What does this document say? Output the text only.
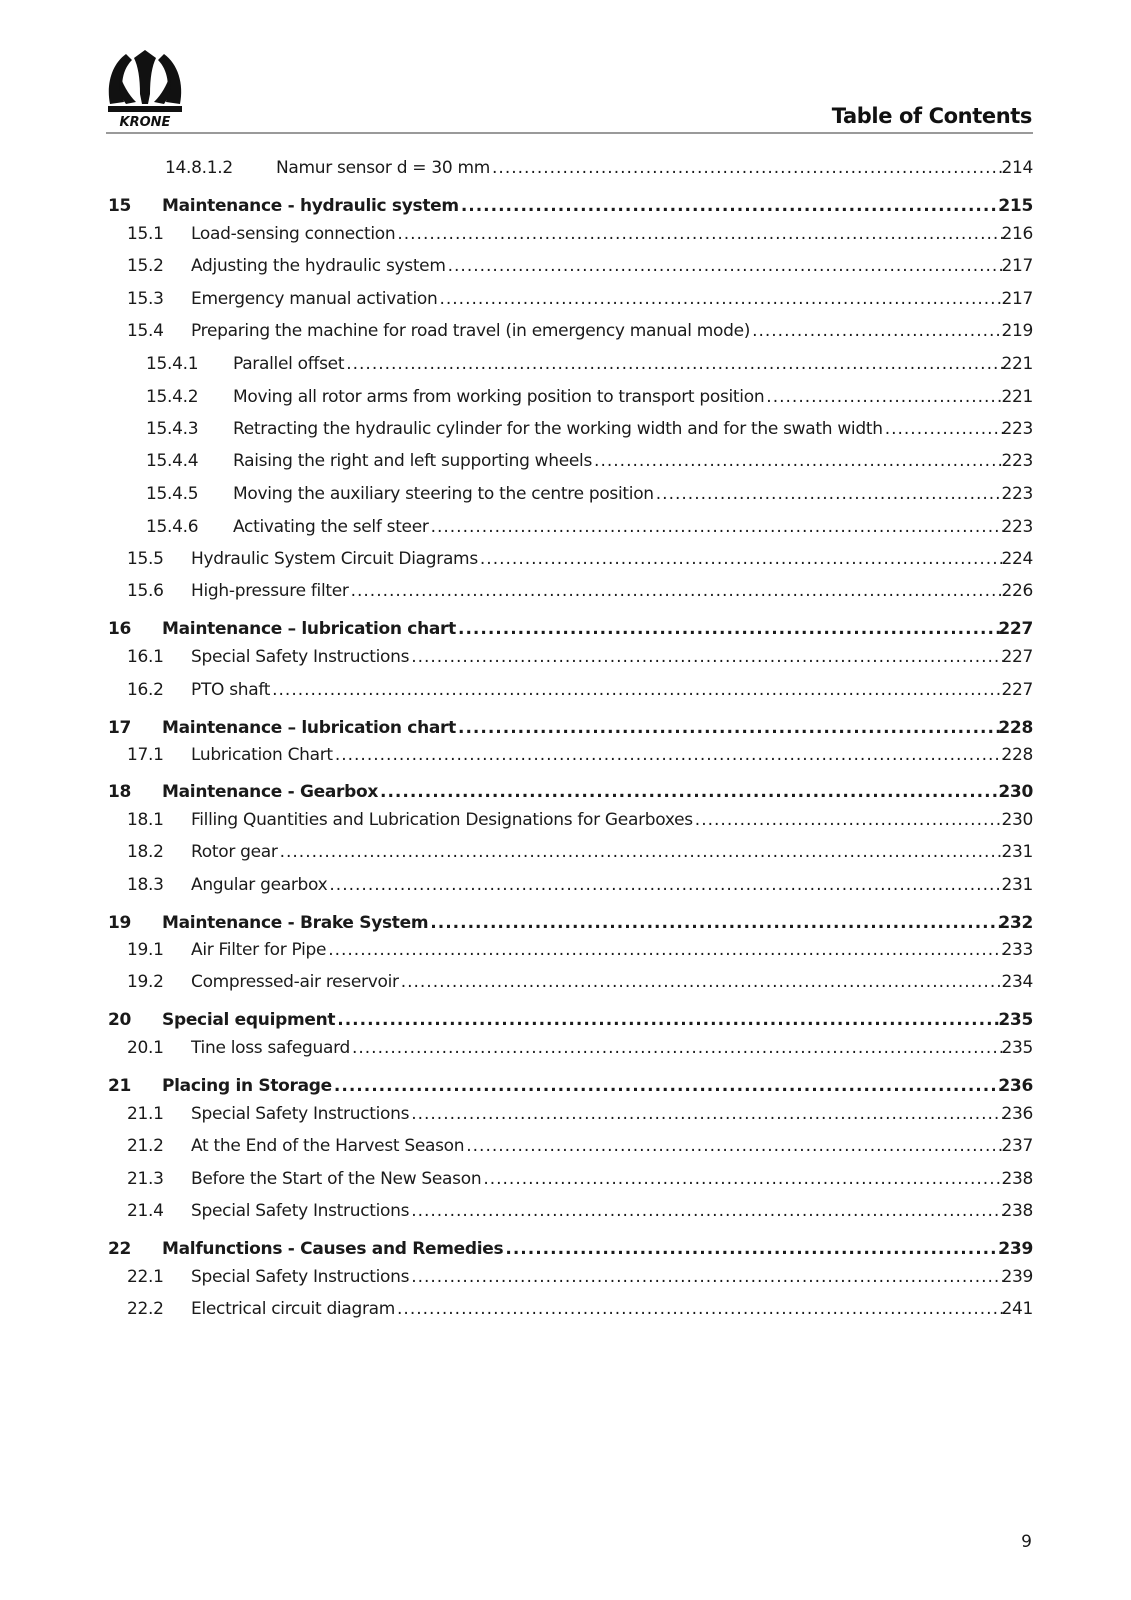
KRONE	Table of Contents
14.8.1.2	Namur sensor d = 30 mm .....	214
15 Maintenance - hydraulic system .....	215
15.1 Load-sensing connection .....	216
15.2 Adjusting the hydraulic system .....	217
15.3 Emergency manual activation .....	217
15.4 Preparing the machine for road travel (in emergency manual mode) .....	219
15.4.1 Parallel offset .....	221
15.4.2 Moving all rotor arms from working position to transport position .....	221
15.4.3 Retracting the hydraulic cylinder for the working width and for the swath width .....	223
15.4.4 Raising the right and left supporting wheels .....	223
15.4.5 Moving the auxiliary steering to the centre position .....	223
15.4.6 Activating the self steer .....	223
15.5 Hydraulic System Circuit Diagrams .....	224
15.6 High-pressure filter .....	226
16 Maintenance – lubrication chart .....	227
16.1 Special Safety Instructions .....	227
16.2 PTO shaft .....	227
17 Maintenance – lubrication chart .....	228
17.1 Lubrication Chart .....	228
18 Maintenance - Gearbox .....	230
18.1 Filling Quantities and Lubrication Designations for Gearboxes .....	230
18.2 Rotor gear .....	231
18.3 Angular gearbox .....	231
19 Maintenance - Brake System .....	232
19.1 Air Filter for Pipe .....	233
19.2 Compressed-air reservoir .....	234
20 Special equipment .....	235
20.1 Tine loss safeguard .....	235
21 Placing in Storage .....	236
21.1 Special Safety Instructions .....	236
21.2 At the End of the Harvest Season .....	237
21.3 Before the Start of the New Season .....	238
21.4 Special Safety Instructions .....	238
22 Malfunctions - Causes and Remedies .....	239
22.1 Special Safety Instructions .....	239
22.2 Electrical circuit diagram .....	241
9
